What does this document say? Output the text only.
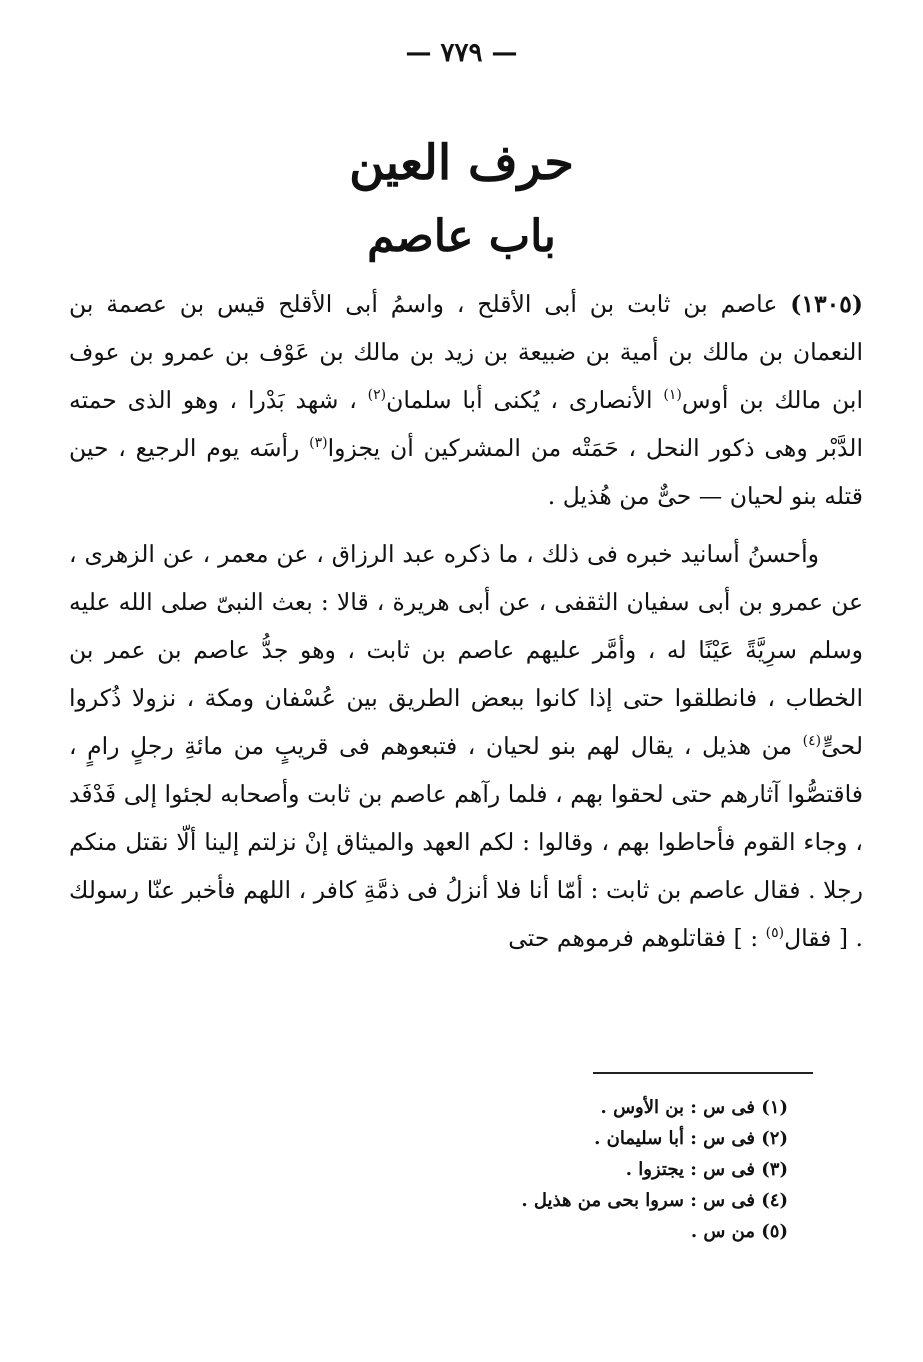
— ٧٧٩ —
حرف العين
باب عاصم

(١٣٠٥) عاصم بن ثابت بن أبى الأقلح ، واسمُ أبى الأقلح قيس بن عصمة بن النعمان بن مالك بن أمية بن ضبيعة بن زيد بن مالك بن عَوْف بن عمرو بن عوف ابن مالك بن أوس$^{(١)}$ الأنصارى ، يُكنى أبا سلمان$^{(٢)}$ ، شهد بَدْرا ، وهو الذى حمته الدَّبْر وهى ذكور النحل ، حَمَتْه من المشركين أن يجزوا$^{(٣)}$ رأسَه يوم الرجيع ، حين قتله بنو لحيان — حىٌّ من هُذيل .

وأحسنُ أسانيد خبره فى ذلك ، ما ذكره عبد الرزاق ، عن معمر ، عن الزهرى ، عن عمرو بن أبى سفيان الثقفى ، عن أبى هريرة ، قالا : بعث النبىّ صلى الله عليه وسلم سرِيَّةً عَيْنًا له ، وأمَّر عليهم عاصم بن ثابت ، وهو جدُّ عاصم بن عمر بن الخطاب ، فانطلقوا حتى إذا كانوا ببعض الطريق بين عُسْفان ومكة ، نزولا ذُكروا لحىٍّ$^{(٤)}$ من هذيل ، يقال لهم بنو لحيان ، فتبعوهم فى قريبٍ من مائةِ رجلٍ رامٍ ، فاقتصُّوا آثارهم حتى لحقوا بهم ، فلما رآهم عاصم بن ثابت وأصحابه لجئوا إلى فَدْفَد ، وجاء القوم فأحاطوا بهم ، وقالوا : لكم العهد والميثاق إنْ نزلتم إلينا ألّا نقتل منكم رجلا . فقال عاصم بن ثابت : أمّا أنا فلا أنزلُ فى ذمَّةِ كافر ، اللهم فأخبر عنّا رسولك . [ فقال$^{(٥)}$ : ] فقاتلوهم فرموهم حتى

(١) فى س : بن الأوس .

(٢) فى س : أبا سليمان .

(٣) فى س : يجتزوا .

(٤) فى س : سروا بحى من هذيل .

(٥) من س .
